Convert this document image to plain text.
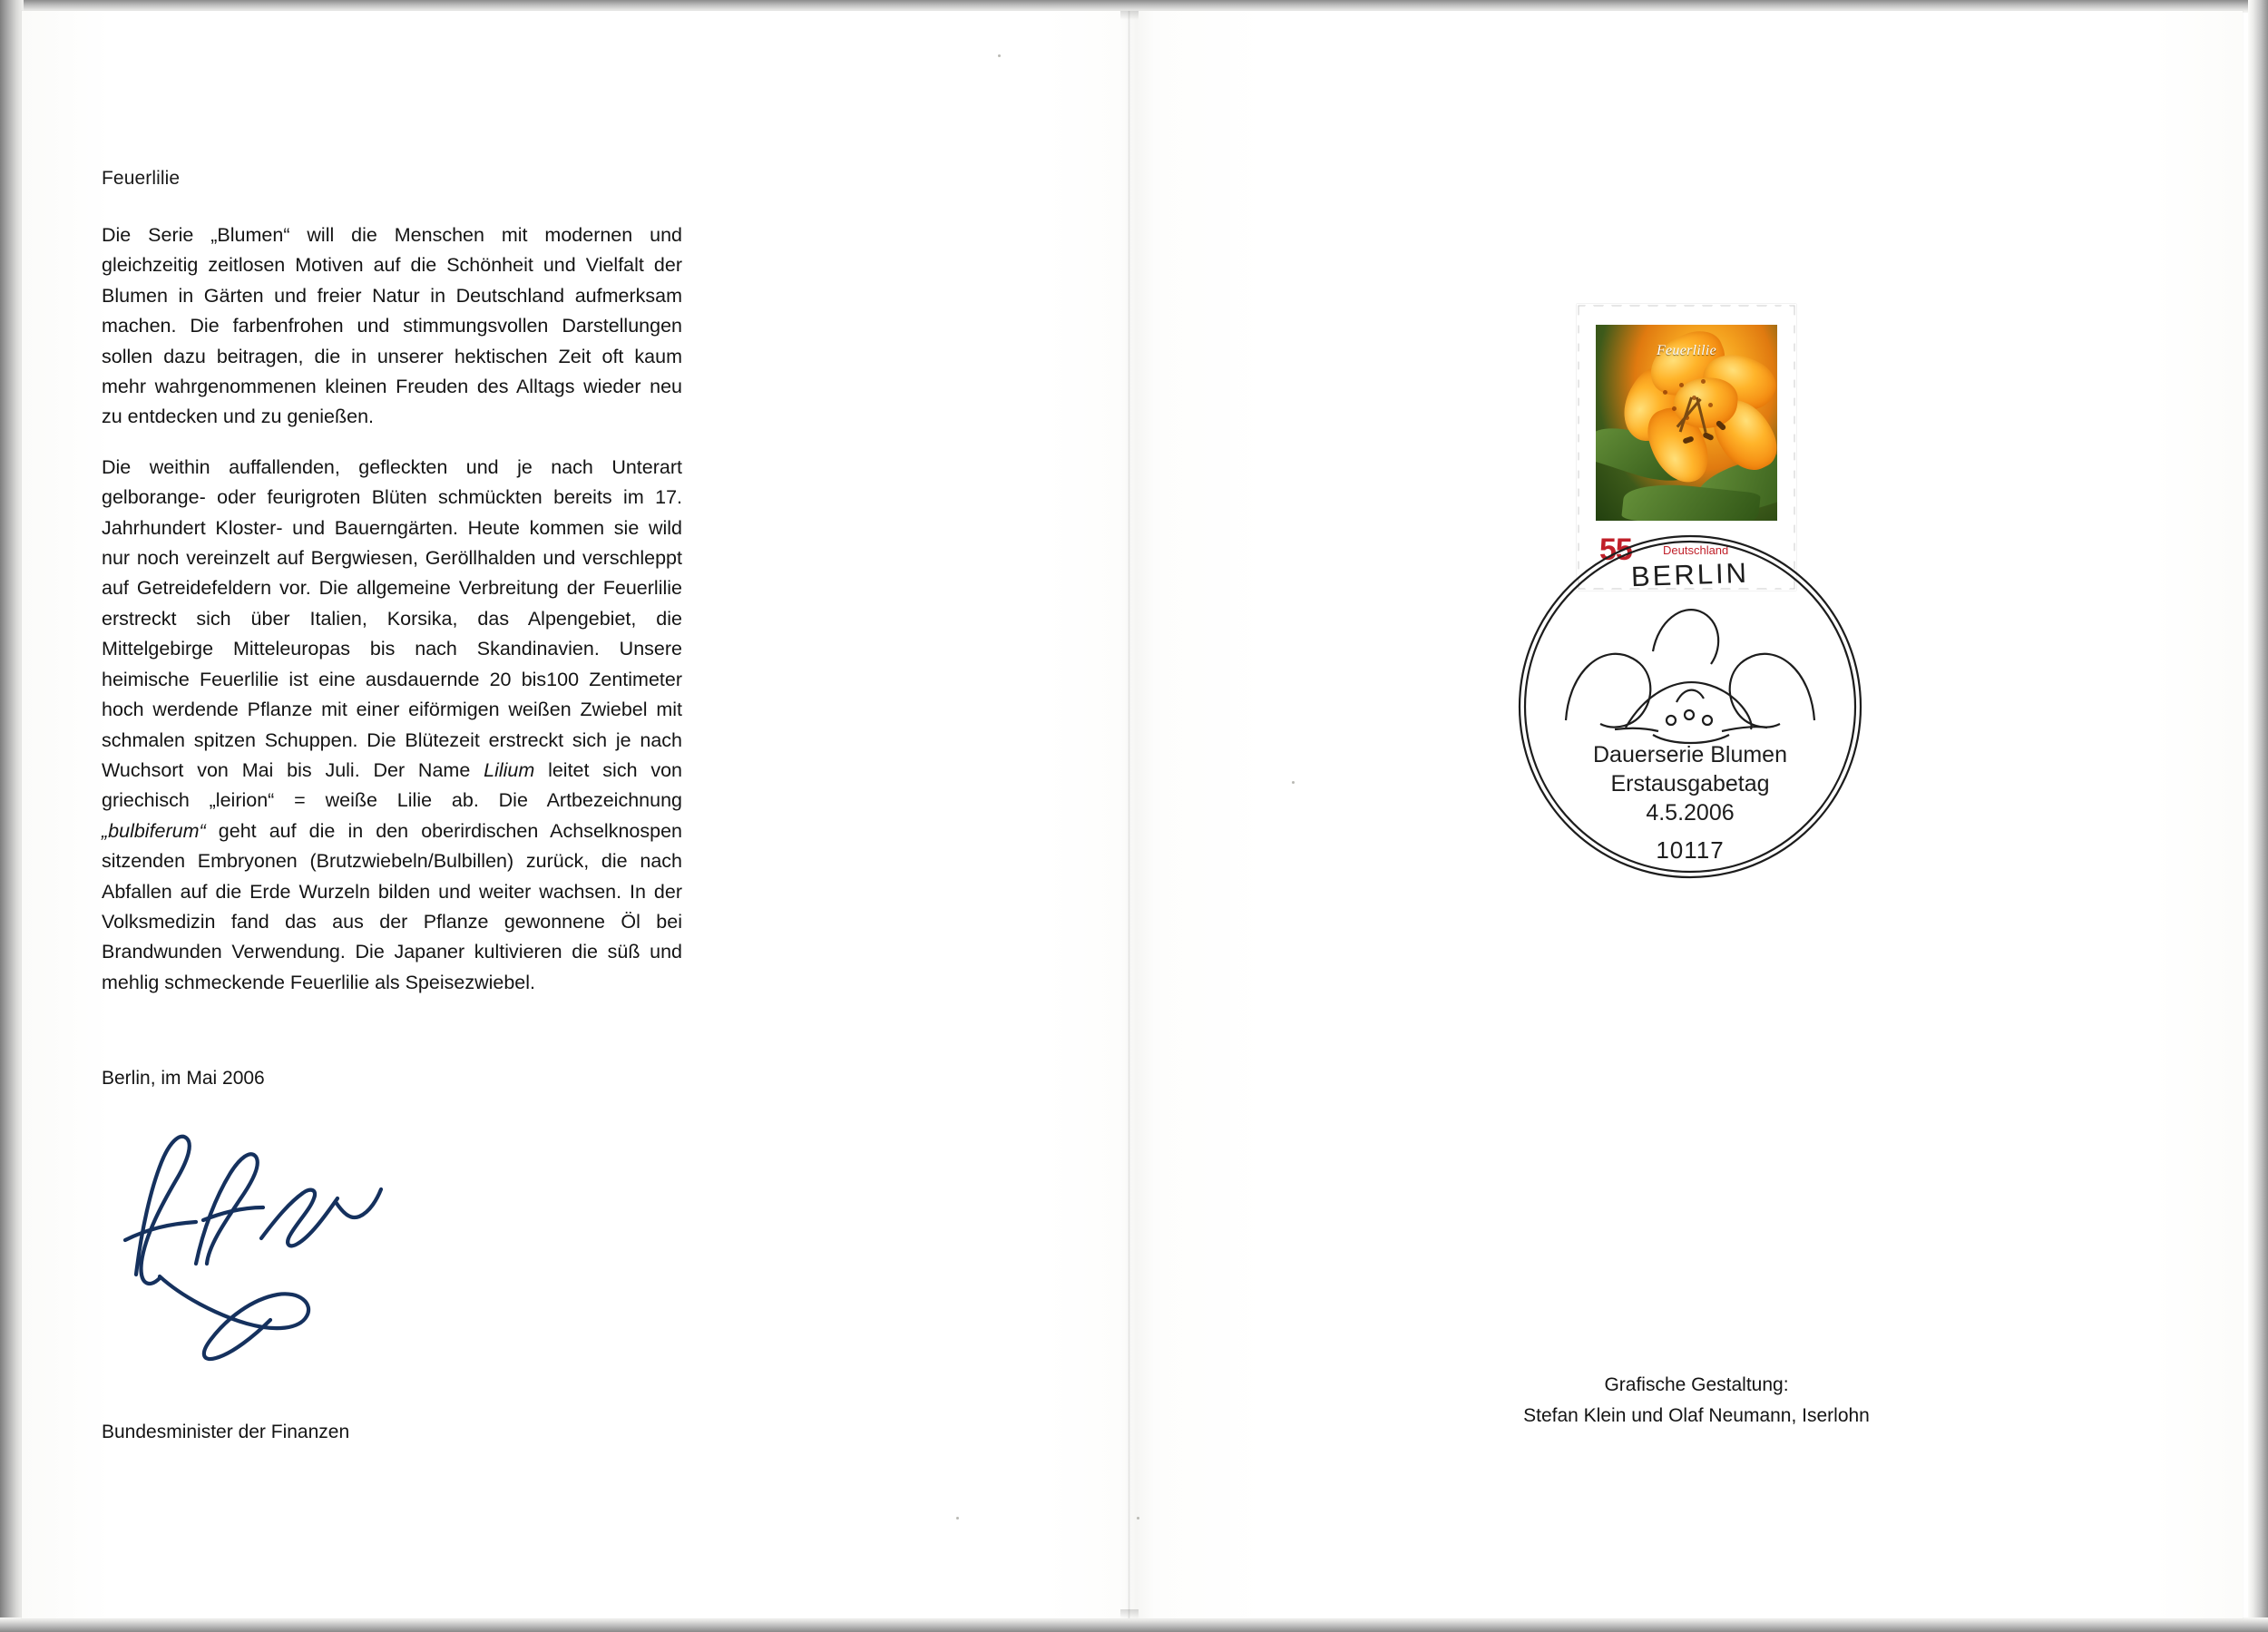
Feuerlilie

Die Serie „Blumen“ will die Menschen mit modernen und gleichzeitig zeitlosen Motiven auf die Schönheit und Vielfalt der Blumen in Gärten und freier Natur in Deutschland aufmerksam machen. Die farbenfrohen und stimmungsvollen Darstellungen sollen dazu beitragen, die in unserer hektischen Zeit oft kaum mehr wahrgenommenen kleinen Freuden des Alltags wieder neu zu entdecken und zu genießen.

Die weithin auffallenden, gefleckten und je nach Unterart gelborange- oder feurigroten Blüten schmückten bereits im 17. Jahrhundert Kloster- und Bauerngärten. Heute kommen sie wild nur noch vereinzelt auf Bergwiesen, Geröllhalden und verschleppt auf Getreidefeldern vor. Die allgemeine Verbreitung der Feuerlilie erstreckt sich über Italien, Korsika, das Alpengebiet, die Mittelgebirge Mitteleuropas bis nach Skandinavien. Unsere heimische Feuerlilie ist eine ausdauernde 20 bis100 Zentimeter hoch werdende Pflanze mit einer eiförmigen weißen Zwiebel mit schmalen spitzen Schuppen. Die Blütezeit erstreckt sich je nach Wuchsort von Mai bis Juli. Der Name Lilium leitet sich von griechisch „leirion“ = weiße Lilie ab. Die Artbezeichnung „bulbiferum“ geht auf die in den oberirdischen Achselknospen sitzenden Embryonen (Brutzwiebeln/Bulbillen) zurück, die nach Abfallen auf die Erde Wurzeln bilden und weiter wachsen. In der Volksmedizin fand das aus der Pflanze gewonnene Öl bei Brandwunden Verwendung. Die Japaner kultivieren die süß und mehlig schmeckende Feuerlilie als Speisezwiebel.

Berlin, im Mai 2006
Bundesminister der Finanzen
Feuerlilie
55	Deutschland
BERLIN
Dauerserie Blumen
Erstausgabetag
4.5.2006
10117
Grafische Gestaltung:
Stefan Klein und Olaf Neumann, Iserlohn
